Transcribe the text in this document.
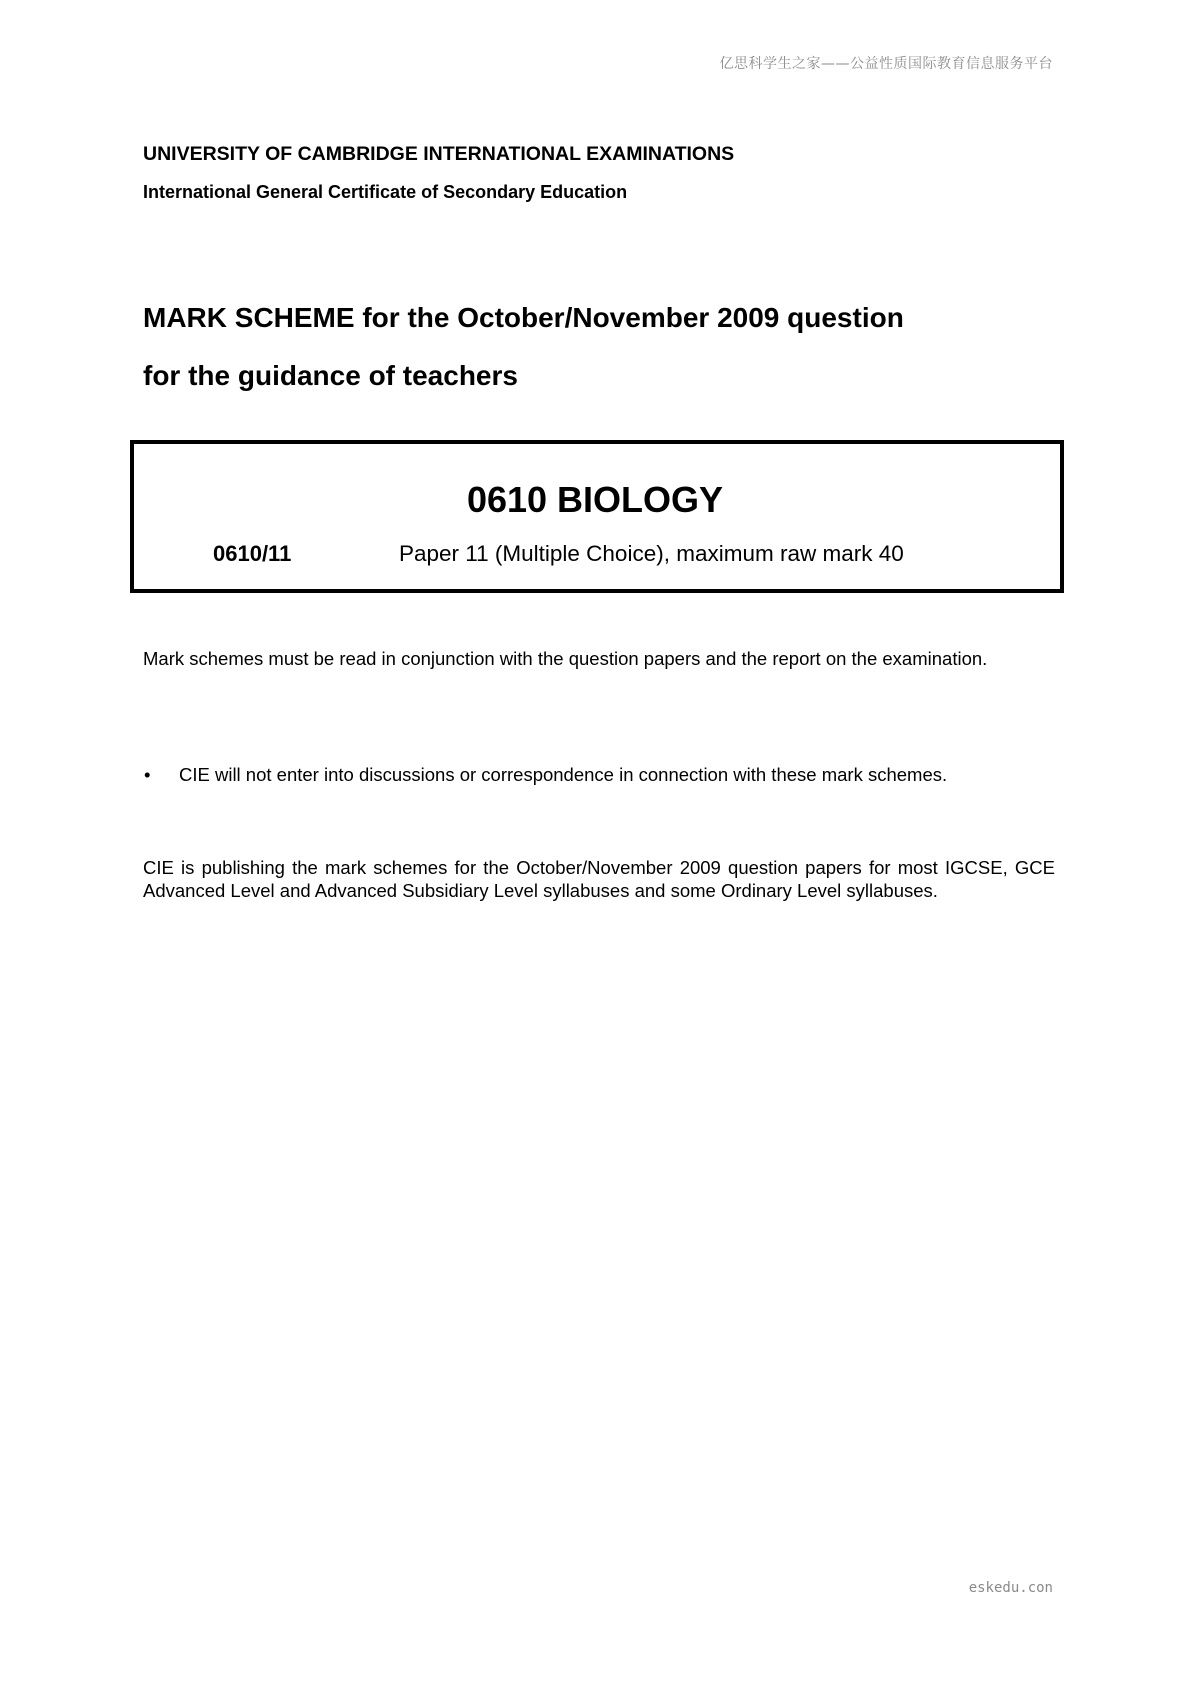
亿思科学生之家——公益性质国际教育信息服务平台
UNIVERSITY OF CAMBRIDGE INTERNATIONAL EXAMINATIONS
International General Certificate of Secondary Education
MARK SCHEME for the October/November 2009 question
for the guidance of teachers
0610 BIOLOGY
0610/11	Paper 11 (Multiple Choice), maximum raw mark 40
Mark schemes must be read in conjunction with the question papers and the report on the examination.
• CIE will not enter into discussions or correspondence in connection with these mark schemes.
CIE is publishing the mark schemes for the October/November 2009 question papers for most IGCSE, GCE Advanced Level and Advanced Subsidiary Level syllabuses and some Ordinary Level syllabuses.
eskedu.con
